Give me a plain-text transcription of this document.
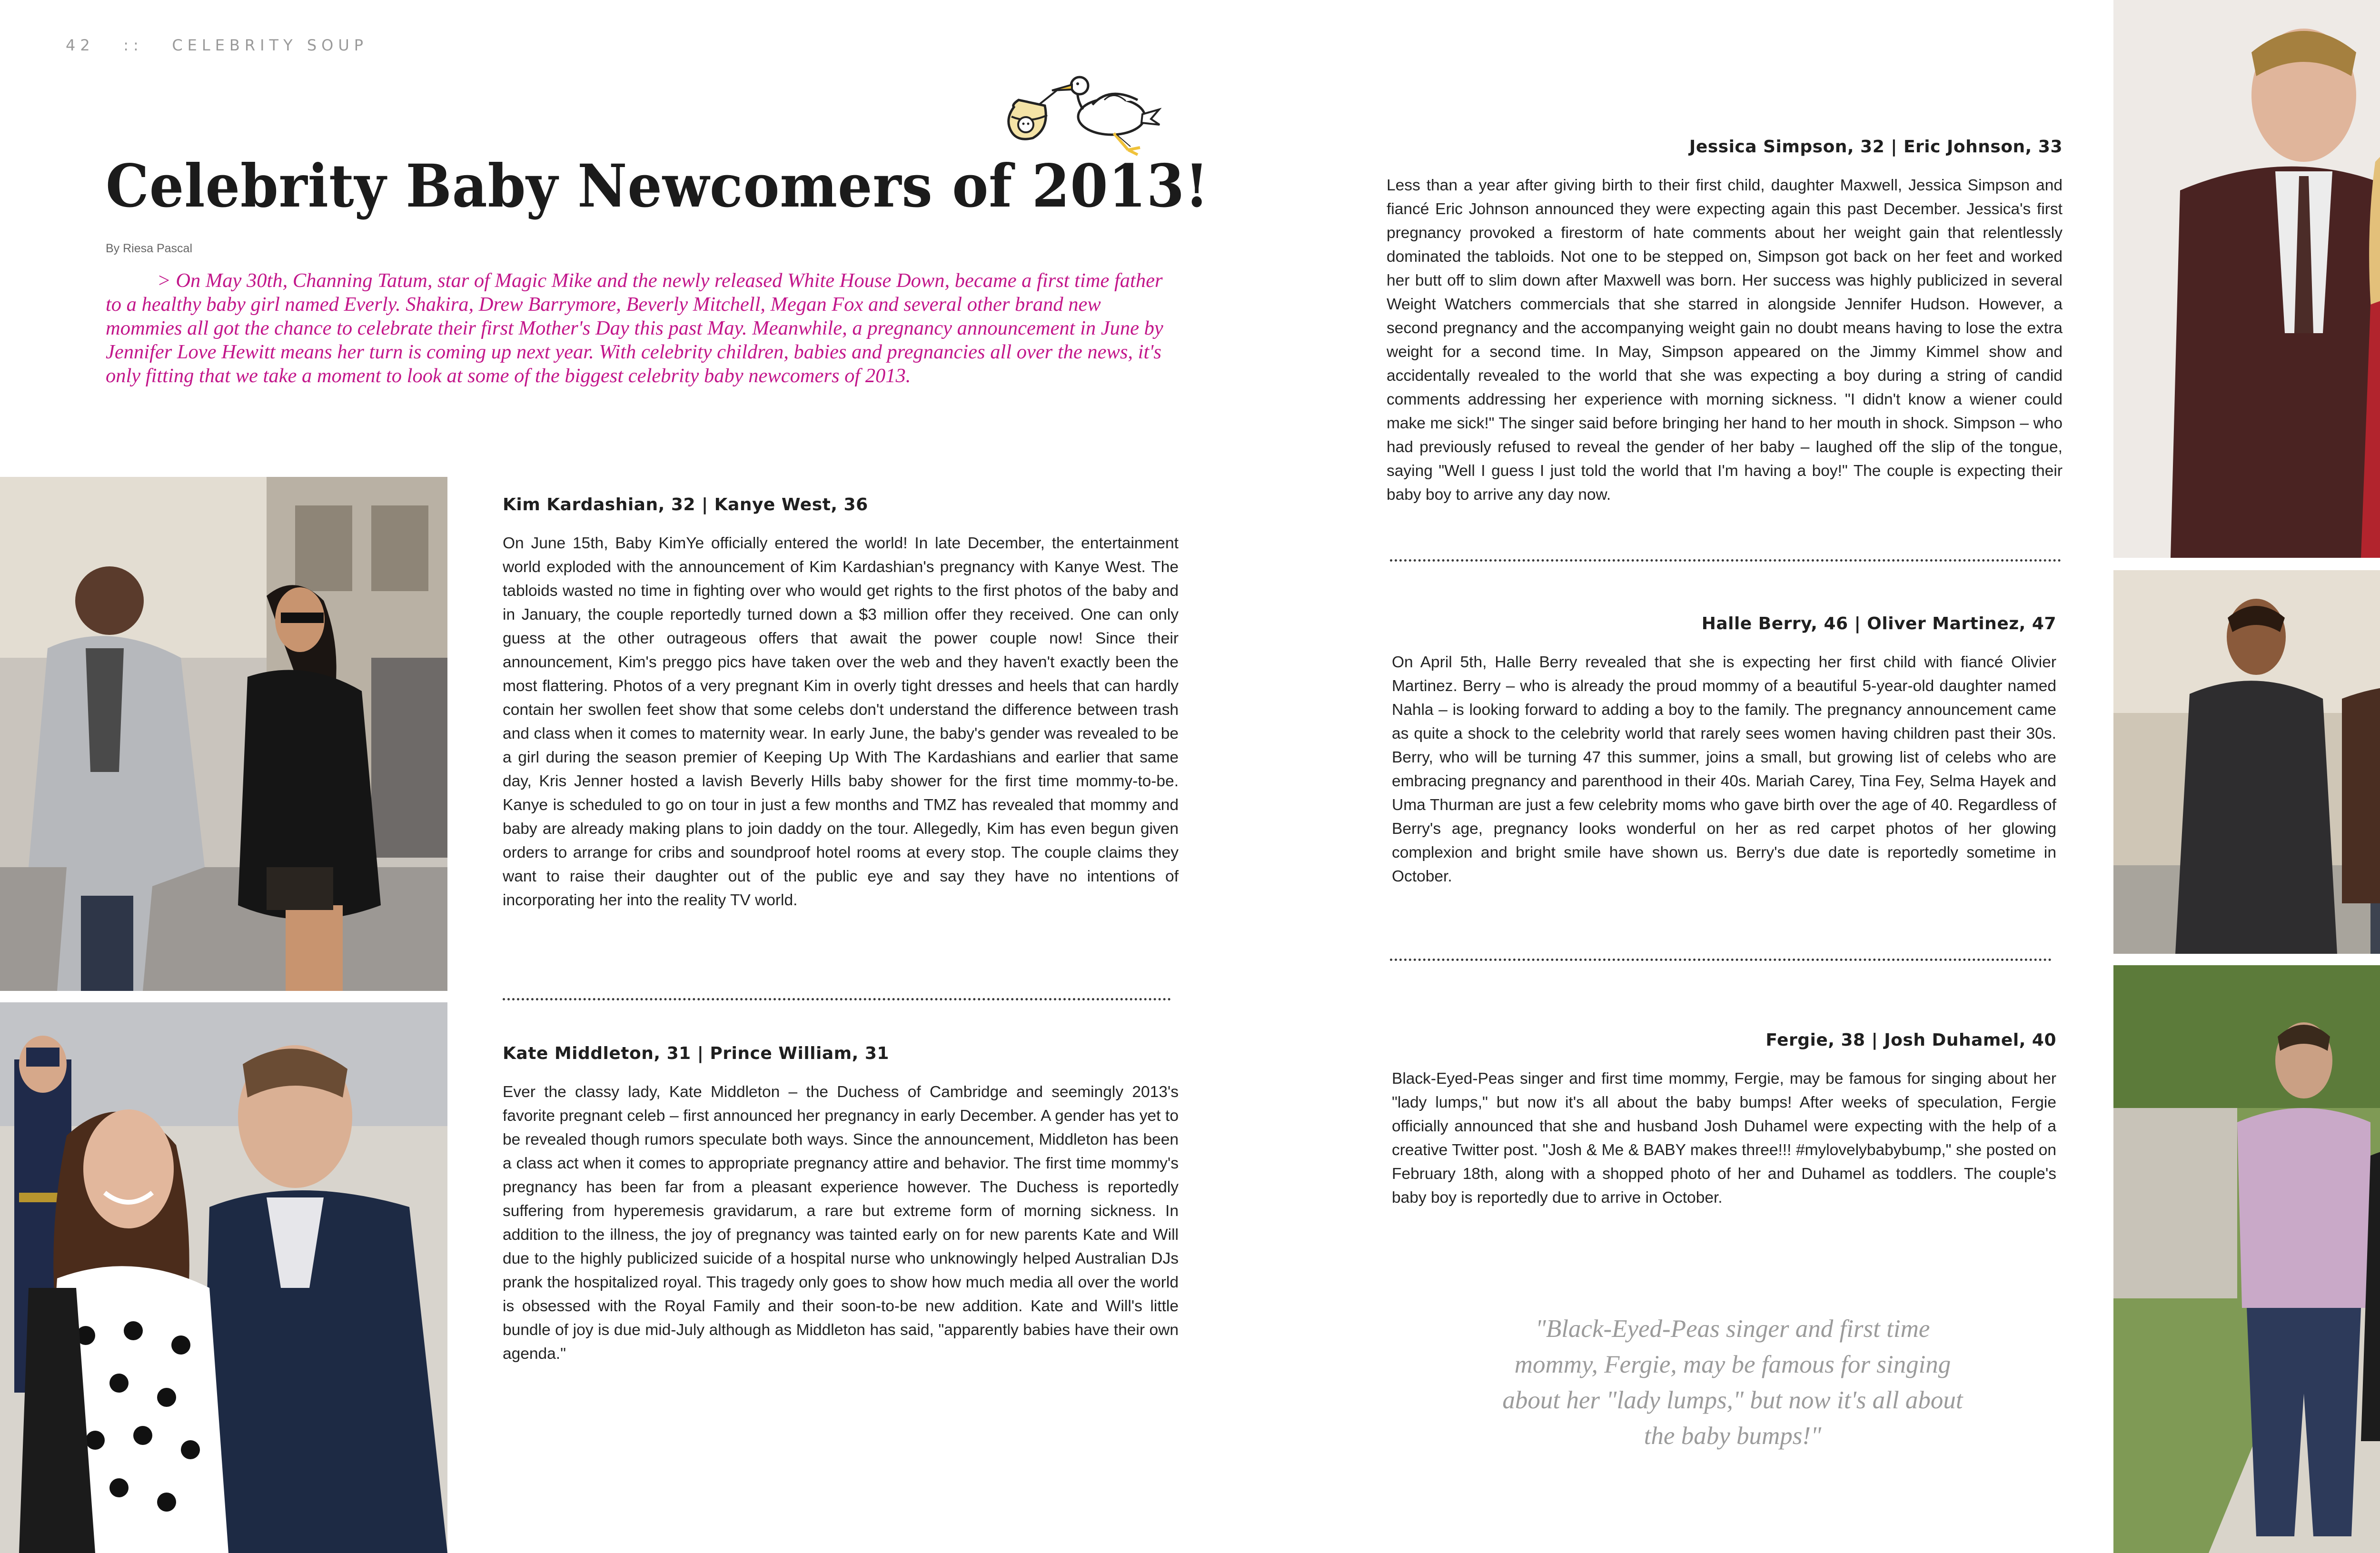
42 :: CELEBRITY SOUP
Celebrity Baby Newcomers of 2013!
By Riesa Pascal

> On May 30th, Channing Tatum, star of Magic Mike and the newly released White House Down, became a first time father to a healthy baby girl named Everly. Shakira, Drew Barrymore, Beverly Mitchell, Megan Fox and several other brand new mommies all got the chance to celebrate their first Mother's Day this past May. Meanwhile, a pregnancy announcement in June by Jennifer Love Hewitt means her turn is coming up next year. With celebrity children, babies and pregnancies all over the news, it's only fitting that we take a moment to look at some of the biggest celebrity baby newcomers of 2013.

Kim Kardashian, 32 | Kanye West, 36

On June 15th, Baby KimYe officially entered the world! In late December, the entertainment world exploded with the announcement of Kim Kardashian's pregnancy with Kanye West. The tabloids wasted no time in fighting over who would get rights to the first photos of the baby and in January, the couple reportedly turned down a $3 million offer they received. One can only guess at the other outrageous offers that await the power couple now! Since their announcement, Kim's preggo pics have taken over the web and they haven't exactly been the most flattering. Photos of a very pregnant Kim in overly tight dresses and heels that can hardly contain her swollen feet show that some celebs don't understand the difference between trash and class when it comes to maternity wear. In early June, the baby's gender was revealed to be a girl during the season premier of Keeping Up With The Kardashians and earlier that same day, Kris Jenner hosted a lavish Beverly Hills baby shower for the first time mommy-to-be. Kanye is scheduled to go on tour in just a few months and TMZ has revealed that mommy and baby are already making plans to join daddy on the tour. Allegedly, Kim has even begun given orders to arrange for cribs and soundproof hotel rooms at every stop. The couple claims they want to raise their daughter out of the public eye and say they have no intentions of incorporating her into the reality TV world.

Kate Middleton, 31 | Prince William, 31

Ever the classy lady, Kate Middleton – the Duchess of Cambridge and seemingly 2013's favorite pregnant celeb – first announced her pregnancy in early December. A gender has yet to be revealed though rumors speculate both ways. Since the announcement, Middleton has been a class act when it comes to appropriate pregnancy attire and behavior. The first time mommy's pregnancy has been far from a pleasant experience however. The Duchess is reportedly suffering from hyperemesis gravidarum, a rare but extreme form of morning sickness. In addition to the illness, the joy of pregnancy was tainted early on for new parents Kate and Will due to the highly publicized suicide of a hospital nurse who unknowingly helped Australian DJs prank the hospitalized royal. This tragedy only goes to show how much media all over the world is obsessed with the Royal Family and their soon-to-be new addition. Kate and Will's little bundle of joy is due mid-July although as Middleton has said, "apparently babies have their own agenda."

Jessica Simpson, 32 | Eric Johnson, 33

Less than a year after giving birth to their first child, daughter Maxwell, Jessica Simpson and fiancé Eric Johnson announced they were expecting again this past December. Jessica's first pregnancy provoked a firestorm of hate comments about her weight gain that relentlessly dominated the tabloids. Not one to be stepped on, Simpson got back on her feet and worked her butt off to slim down after Maxwell was born. Her success was highly publicized in several Weight Watchers commercials that she starred in alongside Jennifer Hudson. However, a second pregnancy and the accompanying weight gain no doubt means having to lose the extra weight for a second time. In May, Simpson appeared on the Jimmy Kimmel show and accidentally revealed to the world that she was expecting a boy during a string of candid comments addressing her experience with morning sickness. "I didn't know a wiener could make me sick!" The singer said before bringing her hand to her mouth in shock. Simpson – who had previously refused to reveal the gender of her baby – laughed off the slip of the tongue, saying "Well I guess I just told the world that I'm having a boy!" The couple is expecting their baby boy to arrive any day now.

Halle Berry, 46 | Oliver Martinez, 47

On April 5th, Halle Berry revealed that she is expecting her first child with fiancé Olivier Martinez. Berry – who is already the proud mommy of a beautiful 5-year-old daughter named Nahla – is looking forward to adding a boy to the family. The pregnancy announcement came as quite a shock to the celebrity world that rarely sees women having children past their 30s. Berry, who will be turning 47 this summer, joins a small, but growing list of celebs who are embracing pregnancy and parenthood in their 40s. Mariah Carey, Tina Fey, Selma Hayek and Uma Thurman are just a few celebrity moms who gave birth over the age of 40. Regardless of Berry's age, pregnancy looks wonderful on her as red carpet photos of her glowing complexion and bright smile have shown us. Berry's due date is reportedly sometime in October.

Fergie, 38 | Josh Duhamel, 40

Black-Eyed-Peas singer and first time mommy, Fergie, may be famous for singing about her "lady lumps," but now it's all about the baby bumps! After weeks of speculation, Fergie officially announced that she and husband Josh Duhamel were expecting with the help of a creative Twitter post. "Josh & Me & BABY makes three!!! #mylovelybabybump," she posted on February 18th, along with a shopped photo of her and Duhamel as toddlers. The couple's baby boy is reportedly due to arrive in October.

"Black-Eyed-Peas singer and first time mommy, Fergie, may be famous for singing about her "lady lumps," but now it's all about the baby bumps!"
